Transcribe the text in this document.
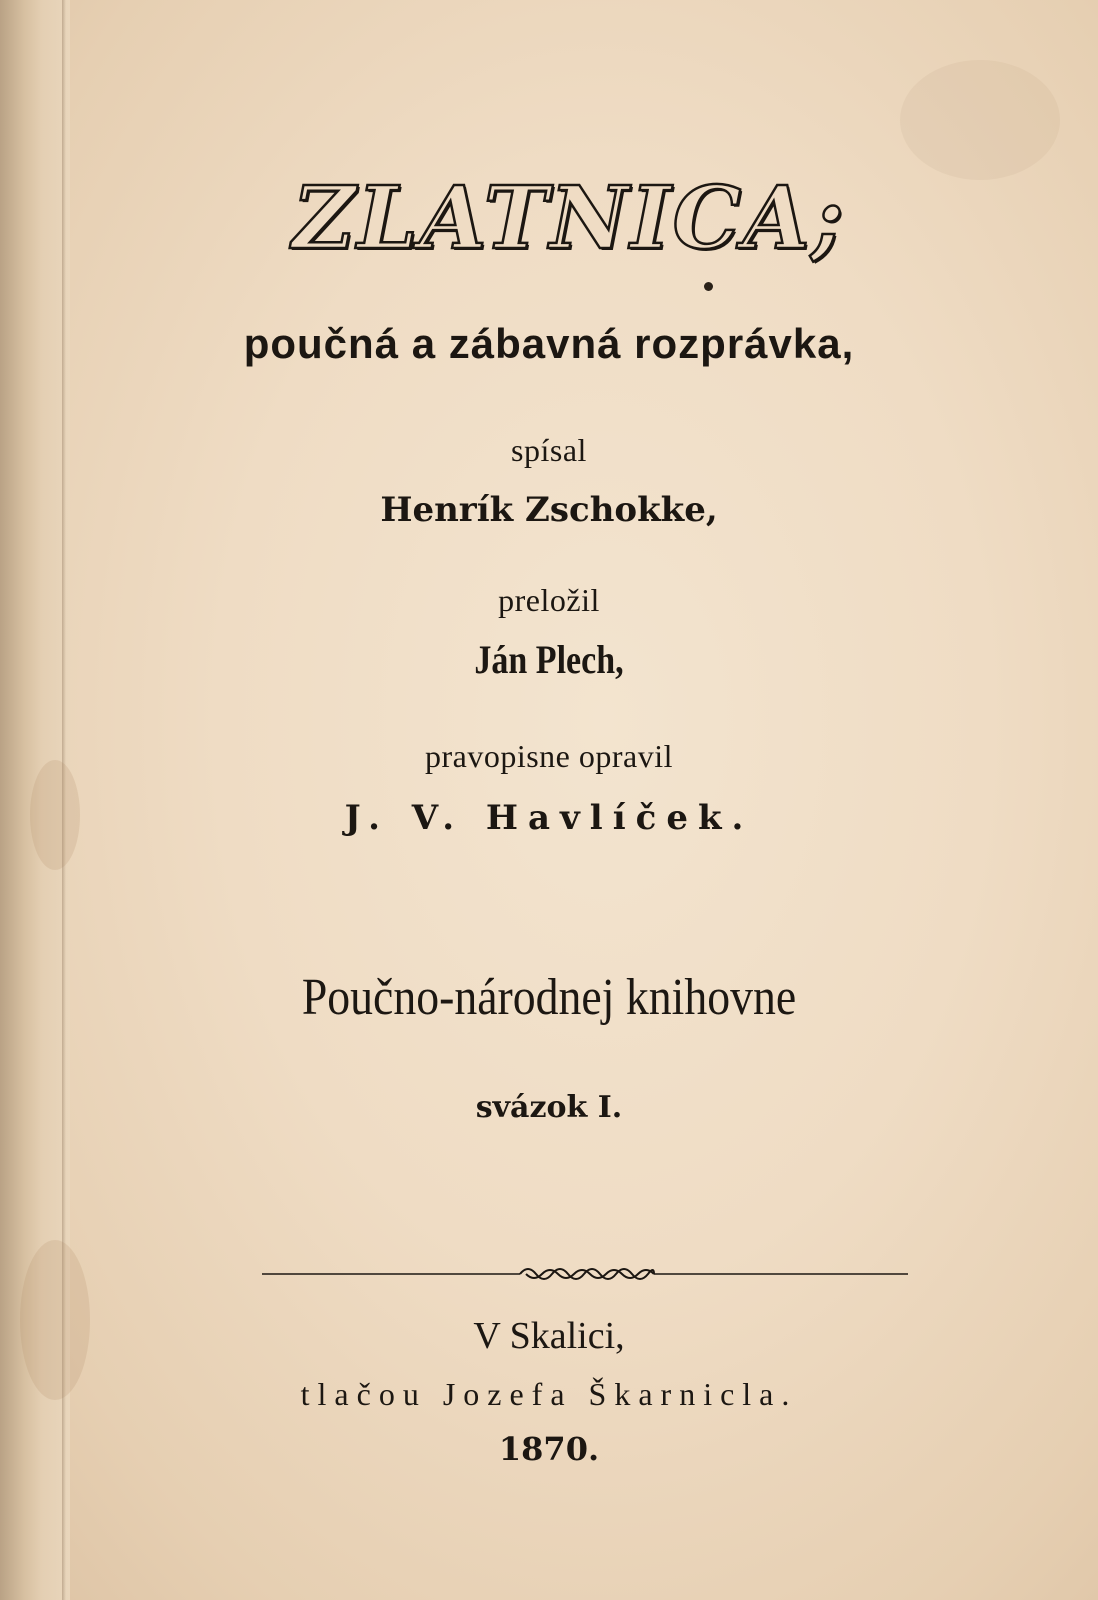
ZLATNICA;
poučná a zábavná rozprávka,
spísal
Henrík Zschokke,
preložil
Ján Plech,
pravopisne opravil
J. V. Havlíček.
Poučno-národnej knihovne
svázok I.
V Skalici,
tlačou Jozefa Škarnicla.
1870.
